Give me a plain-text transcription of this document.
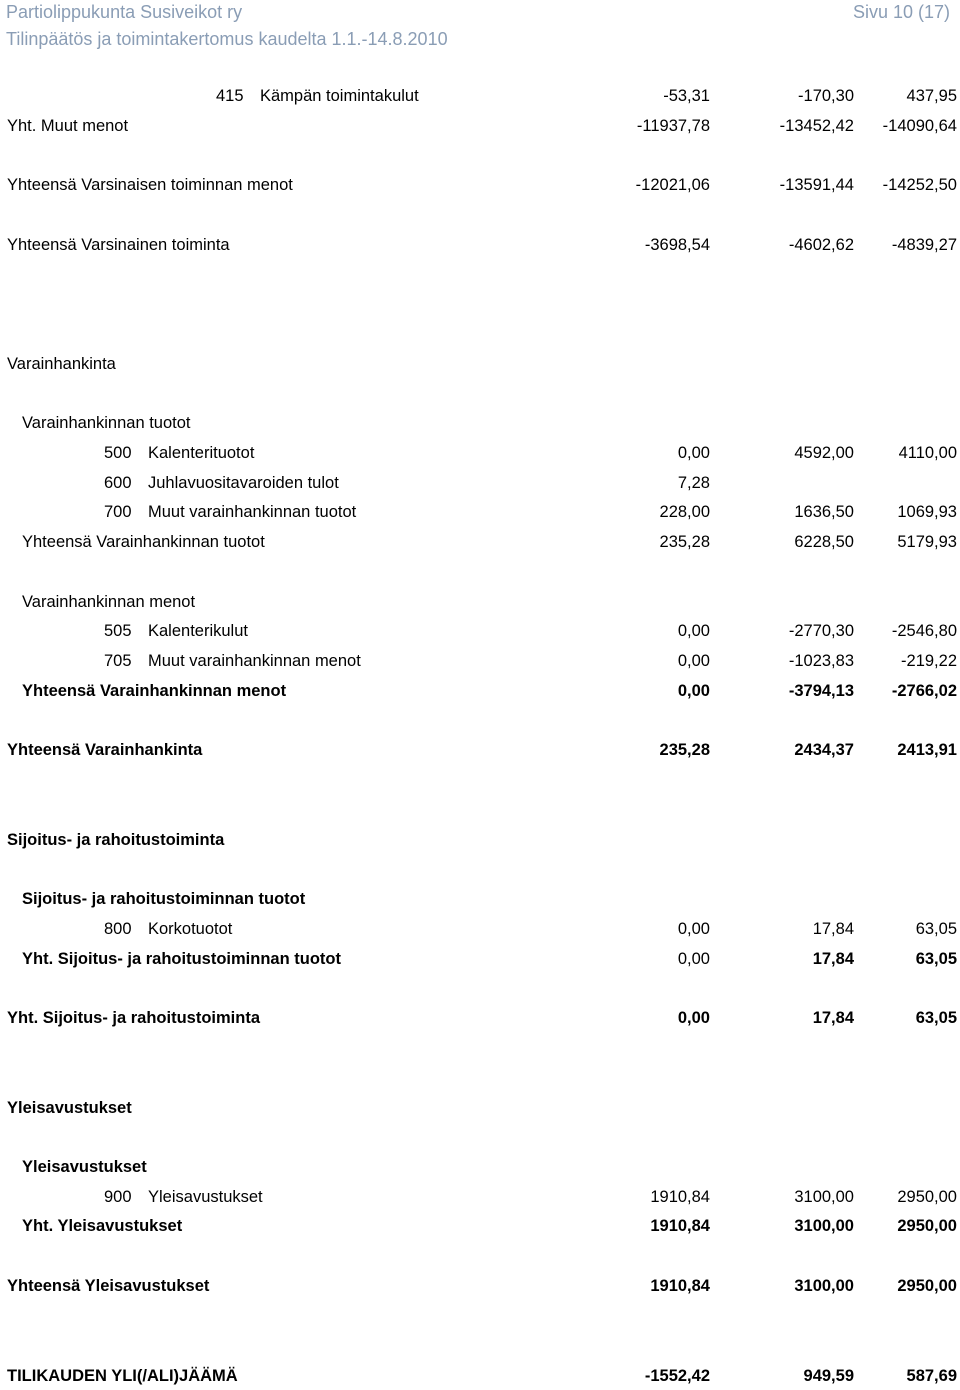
Partiolippukunta Susiveikot ry
Tilinpäätös ja toimintakertomus kaudelta 1.1.-14.8.2010
Sivu 10 (17)
415 Kämpän toimintakulut	-53,31	-170,30	437,95
Yht. Muut menot	-11937,78	-13452,42 -14090,64
Yhteensä Varsinaisen toiminnan menot	-12021,06	-13591,44 -14252,50
Yhteensä Varsinainen toiminta	-3698,54	-4602,62 -4839,27
Varainhankinta
Varainhankinnan tuotot
500 Kalenterituotot	0,00	4592,00	4110,00
600 Juhlavuositavaroiden tulot	7,28
700 Muut varainhankinnan tuotot	228,00	1636,50	1069,93
Yhteensä Varainhankinnan tuotot	235,28	6228,50	5179,93
Varainhankinnan menot
505 Kalenterikulut	0,00	-2770,30 -2546,80
705 Muut varainhankinnan menot	0,00	-1023,83	-219,22
Yhteensä Varainhankinnan menot	0,00	-3794,13 -2766,02
Yhteensä Varainhankinta	235,28	2434,37	2413,91
Sijoitus- ja rahoitustoiminta
Sijoitus- ja rahoitustoiminnan tuotot
800 Korkotuotot	0,00	17,84	63,05
Yht. Sijoitus- ja rahoitustoiminnan tuotot	0,00	17,84	63,05
Yht. Sijoitus- ja rahoitustoiminta	0,00	17,84	63,05
Yleisavustukset
Yleisavustukset
900 Yleisavustukset	1910,84	3100,00	2950,00
Yht. Yleisavustukset	1910,84	3100,00	2950,00
Yhteensä Yleisavustukset	1910,84	3100,00	2950,00
TILIKAUDEN YLI(/ALI)JÄÄMÄ	-1552,42	949,59	587,69
